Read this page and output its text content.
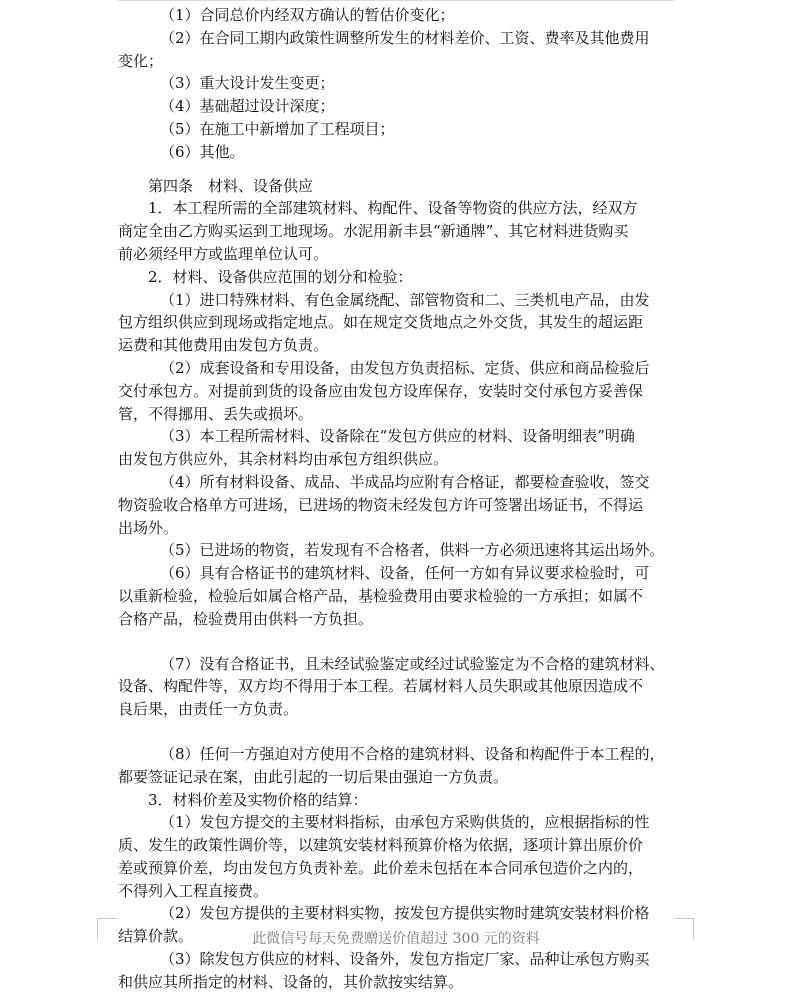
（1）合同总价内经双方确认的暂估价变化；
（2）在合同工期内政策性调整所发生的材料差价、工资、费率及其他费用
变化；
（3）重大设计发生变更；
（4）基础超过设计深度；
（5）在施工中新增加了工程项目；
（6）其他。
第四条　材料、设备供应
1．本工程所需的全部建筑材料、构配件、设备等物资的供应方法，经双方
商定全由乙方购买运到工地现场。水泥用新丰县“新通牌”、其它材料进货购买
前必须经甲方或监理单位认可。
2．材料、设备供应范围的划分和检验：
（1）进口特殊材料、有色金属绕配、部管物资和二、三类机电产品，由发
包方组织供应到现场或指定地点。如在规定交货地点之外交货，其发生的超运距
运费和其他费用由发包方负责。
（2）成套设备和专用设备，由发包方负责招标、定货、供应和商品检验后
交付承包方。对提前到货的设备应由发包方设库保存，安装时交付承包方妥善保
管，不得挪用、丢失或损坏。
（3）本工程所需材料、设备除在“发包方供应的材料、设备明细表”明确
由发包方供应外，其余材料均由承包方组织供应。
（4）所有材料设备、成品、半成品均应附有合格证，都要检查验收，签交
物资验收合格单方可进场，已进场的物资未经发包方许可签署出场证书，不得运
出场外。
（5）已进场的物资，若发现有不合格者，供料一方必须迅速将其运出场外。
（6）具有合格证书的建筑材料、设备，任何一方如有异议要求检验时，可
以重新检验，检验后如属合格产品，基检验费用由要求检验的一方承担；如属不
合格产品，检验费用由供料一方负担。
（7）没有合格证书，且未经试验鉴定或经过试验鉴定为不合格的建筑材料、
设备、构配件等，双方均不得用于本工程。若属材料人员失职或其他原因造成不
良后果，由责任一方负责。
（8）任何一方强迫对方使用不合格的建筑材料、设备和构配件于本工程的，
都要签证记录在案，由此引起的一切后果由强迫一方负责。
3．材料价差及实物价格的结算：
（1）发包方提交的主要材料指标，由承包方采购供货的，应根据指标的性
质、发生的政策性调价等，以建筑安装材料预算价格为依据，逐项计算出原价价
差或预算价差，均由发包方负责补差。此价差未包括在本合同承包造价之内的，
不得列入工程直接费。
（2）发包方提供的主要材料实物，按发包方提供实物时建筑安装材料价格
结算价款。
（3）除发包方供应的材料、设备外，发包方指定厂家、品种让承包方购买
和供应其所指定的材料、设备的，其价款按实结算。
此微信号每天免费赠送价值超过 300 元的资料
